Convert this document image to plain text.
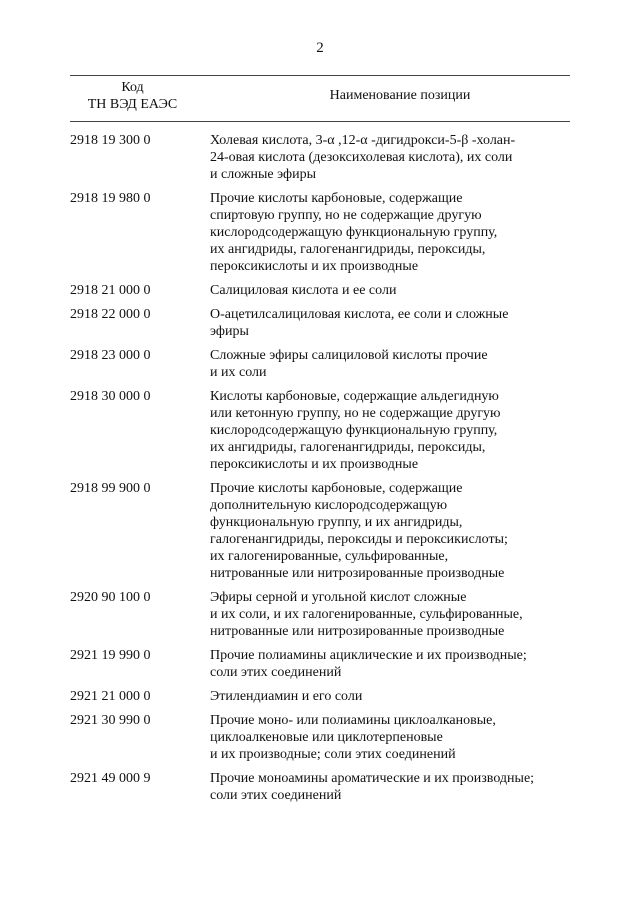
2
Код
ТН ВЭД ЕАЭС
Наименование позиции
2918 19 300 0	Холевая кислота, 3-α ,12-α -дигидрокси-5-β -холан-
24-овая кислота (дезоксихолевая кислота), их соли
и сложные эфиры
2918 19 980 0	Прочие кислоты карбоновые, содержащие
спиртовую группу, но не содержащие другую
кислородсодержащую функциональную группу,
их ангидриды, галогенангидриды, пероксиды,
пероксикислоты и их производные
2918 21 000 0	Салициловая кислота и ее соли
2918 22 000 0	О-ацетилсалициловая кислота, ее соли и сложные
эфиры
2918 23 000 0	Сложные эфиры салициловой кислоты прочие
и их соли
2918 30 000 0	Кислоты карбоновые, содержащие альдегидную
или кетонную группу, но не содержащие другую
кислородсодержащую функциональную группу,
их ангидриды, галогенангидриды, пероксиды,
пероксикислоты и их производные
2918 99 900 0	Прочие кислоты карбоновые, содержащие
дополнительную кислородсодержащую
функциональную группу, и их ангидриды,
галогенангидриды, пероксиды и пероксикислоты;
их галогенированные, сульфированные,
нитрованные или нитрозированные производные
2920 90 100 0	Эфиры серной и угольной кислот сложные
и их соли, и их галогенированные, сульфированные,
нитрованные или нитрозированные производные
2921 19 990 0	Прочие полиамины ациклические и их производные;
соли этих соединений
2921 21 000 0	Этилендиамин и его соли
2921 30 990 0	Прочие моно- или полиамины циклоалкановые,
циклоалкеновые или циклотерпеновые
и их производные; соли этих соединений
2921 49 000 9	Прочие моноамины ароматические и их производные;
соли этих соединений
